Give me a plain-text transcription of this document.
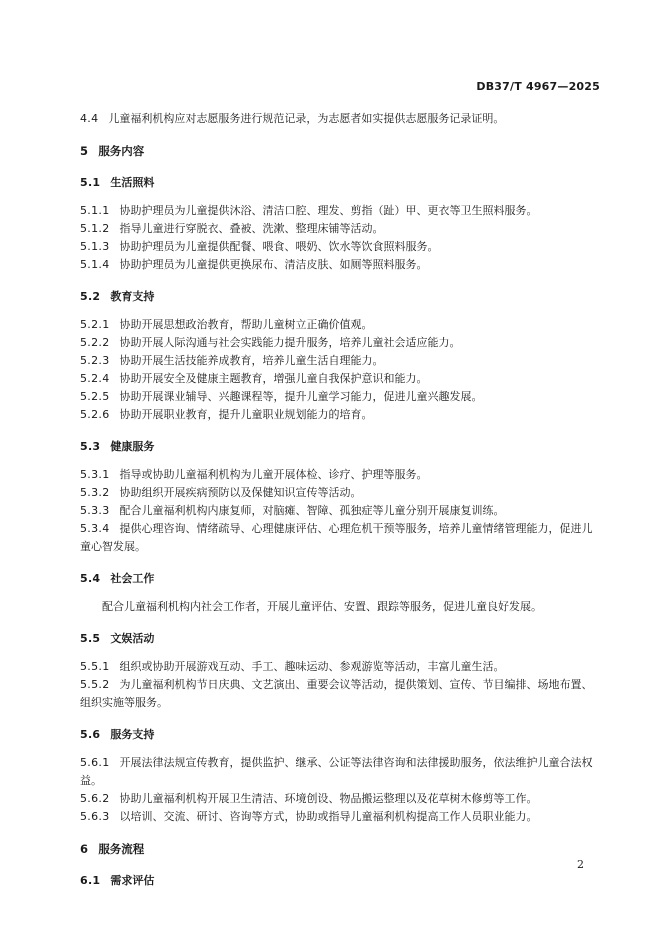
DB37/T 4967—2025

4.4 儿童福利机构应对志愿服务进行规范记录，为志愿者如实提供志愿服务记录证明。

5 服务内容

5.1 生活照料

5.1.1 协助护理员为儿童提供沐浴、清洁口腔、理发、剪指（趾）甲、更衣等卫生照料服务。

5.1.2 指导儿童进行穿脱衣、叠被、洗漱、整理床铺等活动。

5.1.3 协助护理员为儿童提供配餐、喂食、喂奶、饮水等饮食照料服务。

5.1.4 协助护理员为儿童提供更换尿布、清洁皮肤、如厕等照料服务。

5.2 教育支持

5.2.1 协助开展思想政治教育，帮助儿童树立正确价值观。

5.2.2 协助开展人际沟通与社会实践能力提升服务，培养儿童社会适应能力。

5.2.3 协助开展生活技能养成教育，培养儿童生活自理能力。

5.2.4 协助开展安全及健康主题教育，增强儿童自我保护意识和能力。

5.2.5 协助开展课业辅导、兴趣课程等，提升儿童学习能力，促进儿童兴趣发展。

5.2.6 协助开展职业教育，提升儿童职业规划能力的培育。

5.3 健康服务

5.3.1 指导或协助儿童福利机构为儿童开展体检、诊疗、护理等服务。

5.3.2 协助组织开展疾病预防以及保健知识宣传等活动。

5.3.3 配合儿童福利机构内康复师，对脑瘫、智障、孤独症等儿童分别开展康复训练。

5.3.4 提供心理咨询、情绪疏导、心理健康评估、心理危机干预等服务，培养儿童情绪管理能力，促进儿童心智发展。

5.4 社会工作

配合儿童福利机构内社会工作者，开展儿童评估、安置、跟踪等服务，促进儿童良好发展。

5.5 文娱活动

5.5.1 组织或协助开展游戏互动、手工、趣味运动、参观游览等活动，丰富儿童生活。

5.5.2 为儿童福利机构节日庆典、文艺演出、重要会议等活动，提供策划、宣传、节目编排、场地布置、组织实施等服务。

5.6 服务支持

5.6.1 开展法律法规宣传教育，提供监护、继承、公证等法律咨询和法律援助服务，依法维护儿童合法权益。

5.6.2 协助儿童福利机构开展卫生清洁、环境创设、物品搬运整理以及花草树木修剪等工作。

5.6.3 以培训、交流、研讨、咨询等方式，协助或指导儿童福利机构提高工作人员职业能力。

6 服务流程

6.1 需求评估

2
